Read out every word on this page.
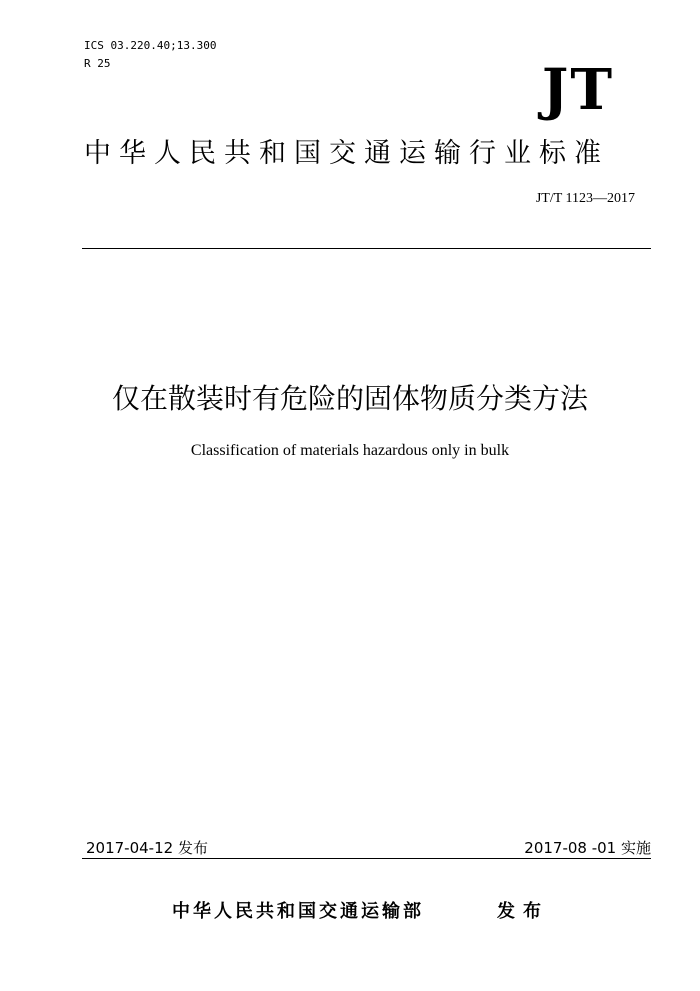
ICS 03.220.40;13.300
R 25	JT
中华人民共和国交通运输行业标准
JT/T 1123—2017
仅在散装时有危险的固体物质分类方法
Classification of materials hazardous only in bulk
2017-04-12 发布	2017-08 -01 实施
中华人民共和国交通运输部	发布
